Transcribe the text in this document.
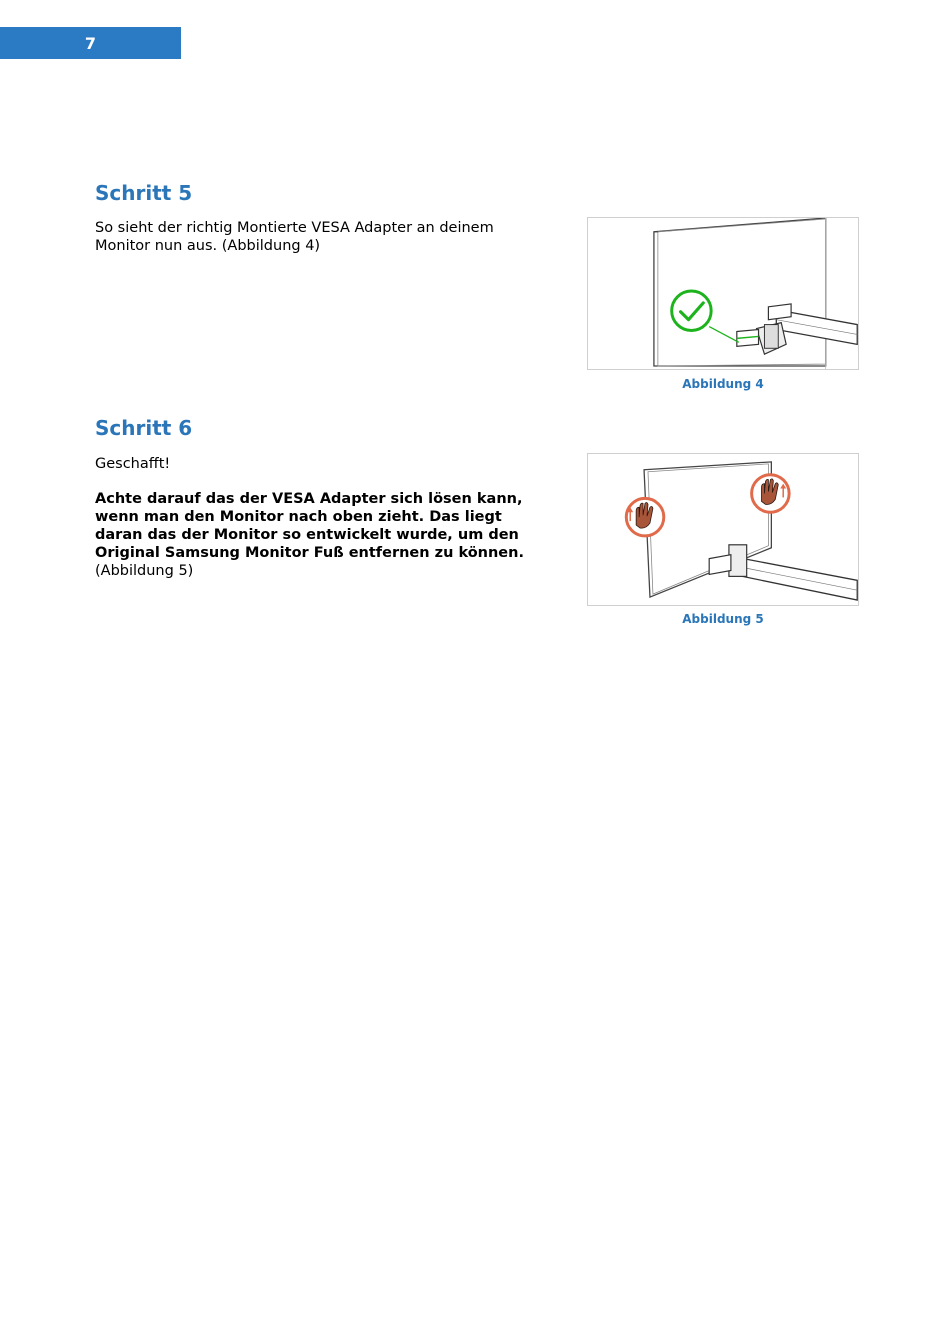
7
Schritt 5

So sieht der richtig Montierte VESA Adapter an deinem Monitor nun aus. (Abbildung 4)

Abbildung 4
Schritt 6

Geschafft!

Achte darauf das der VESA Adapter sich lösen kann, wenn man den Monitor nach oben zieht. Das liegt daran das der Monitor so entwickelt wurde, um den Original Samsung Monitor Fuß entfernen zu können.

(Abbildung 5)

Abbildung 5
